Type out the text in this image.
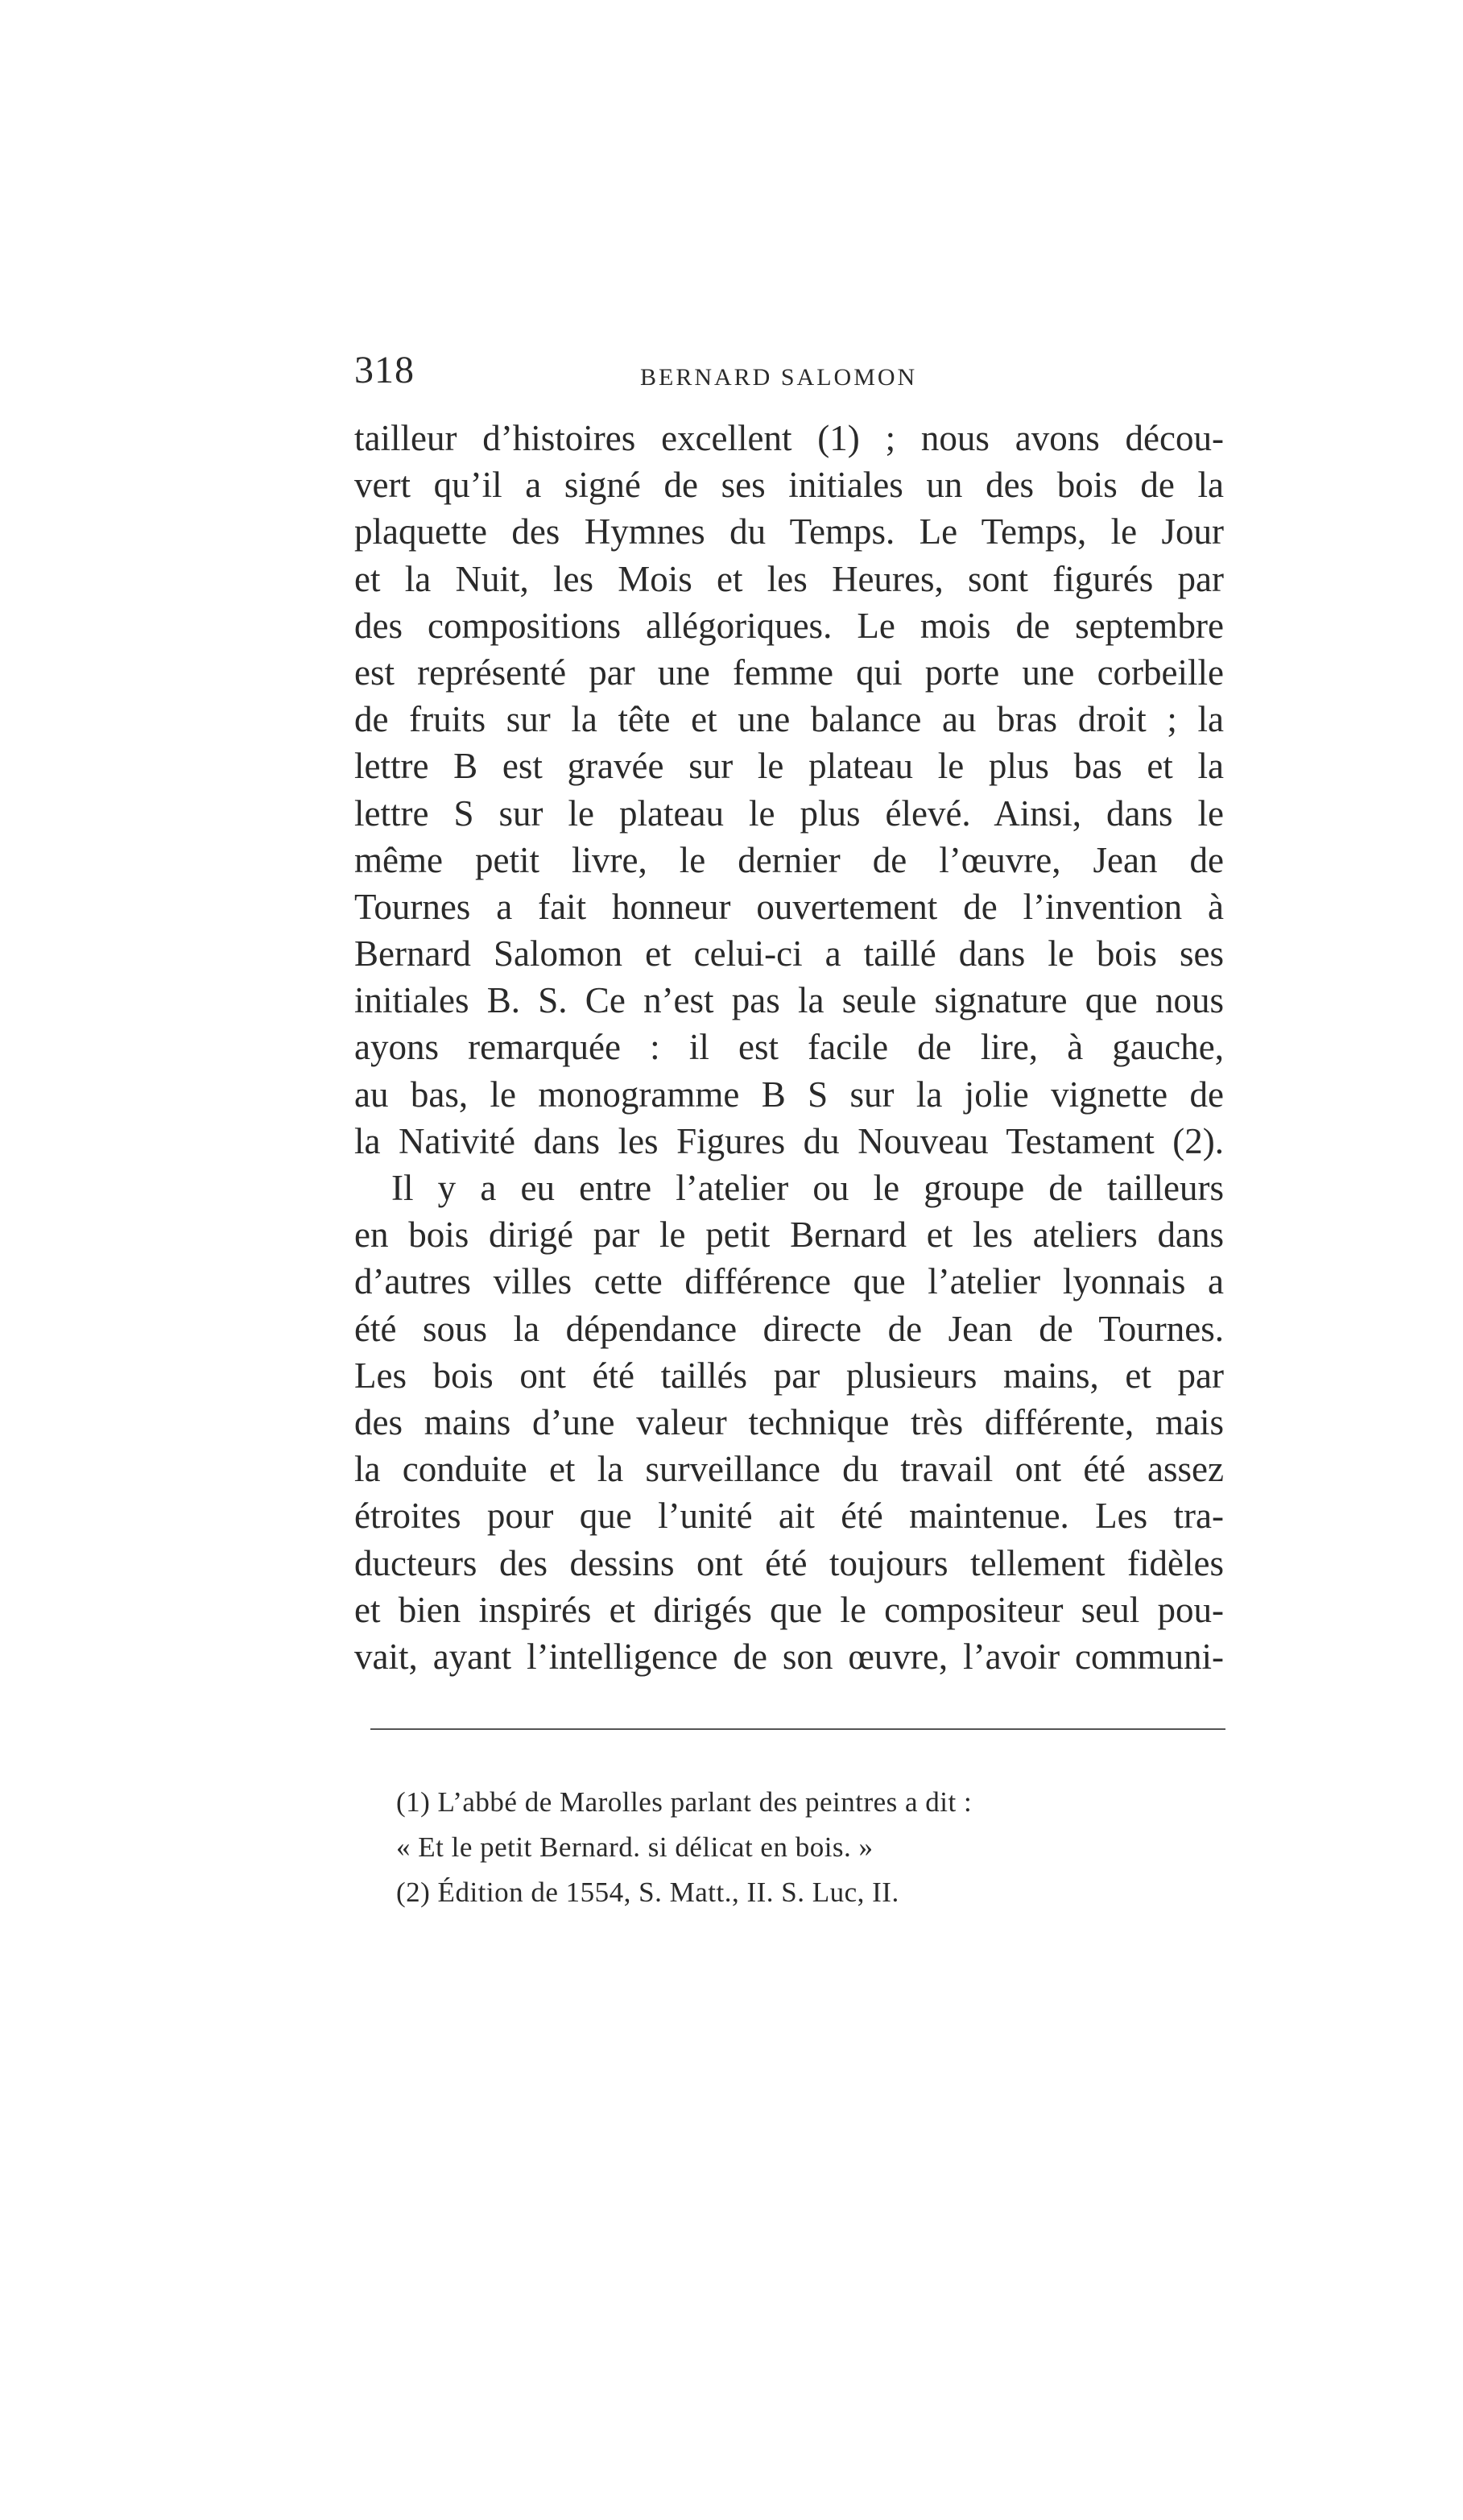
318	BERNARD SALOMON
tailleur d’histoires excellent (1) ; nous avons décou-
vert qu’il a signé de ses initiales un des bois de la
plaquette des Hymnes du Temps. Le Temps, le Jour
et la Nuit, les Mois et les Heures, sont figurés par
des compositions allégoriques. Le mois de septembre
est représenté par une femme qui porte une corbeille
de fruits sur la tête et une balance au bras droit ; la
lettre B est gravée sur le plateau le plus bas et la
lettre S sur le plateau le plus élevé. Ainsi, dans le
même petit livre, le dernier de l’œuvre, Jean de
Tournes a fait honneur ouvertement de l’invention à
Bernard Salomon et celui-ci a taillé dans le bois ses
initiales B. S. Ce n’est pas la seule signature que nous
ayons remarquée : il est facile de lire, à gauche,
au bas, le monogramme B S sur la jolie vignette de
la Nativité dans les Figures du Nouveau Testament (2).
Il y a eu entre l’atelier ou le groupe de tailleurs
en bois dirigé par le petit Bernard et les ateliers dans
d’autres villes cette différence que l’atelier lyonnais a
été sous la dépendance directe de Jean de Tournes.
Les bois ont été taillés par plusieurs mains, et par
des mains d’une valeur technique très différente, mais
la conduite et la surveillance du travail ont été assez
étroites pour que l’unité ait été maintenue. Les tra-
ducteurs des dessins ont été toujours tellement fidèles
et bien inspirés et dirigés que le compositeur seul pou-
vait, ayant l’intelligence de son œuvre, l’avoir communi-
(1) L’abbé de Marolles parlant des peintres a dit :
« Et le petit Bernard. si délicat en bois. »
(2) Édition de 1554, S. Matt., II. S. Luc, II.
